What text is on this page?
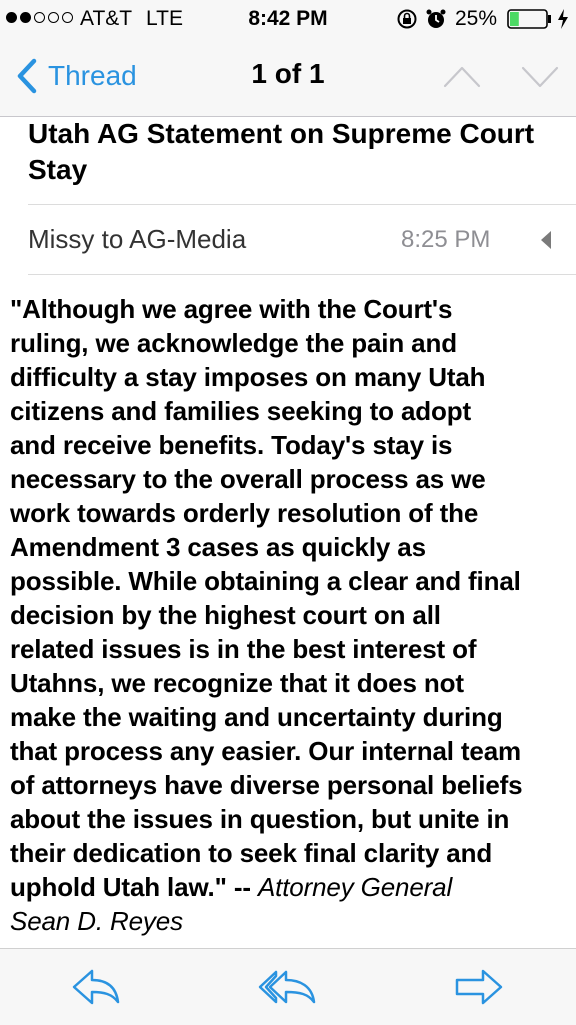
AT&T LTE	8:42 PM	25%
Thread	1 of 1
Utah AG Statement on Supreme Court Stay
Missy to AG-Media	8:25 PM
"Although we agree with the Court's
ruling, we acknowledge the pain and
difficulty a stay imposes on many Utah
citizens and families seeking to adopt
and receive benefits. Today's stay is
necessary to the overall process as we
work towards orderly resolution of the
Amendment 3 cases as quickly as
possible. While obtaining a clear and final
decision by the highest court on all
related issues is in the best interest of
Utahns, we recognize that it does not
make the waiting and uncertainty during
that process any easier. Our internal team
of attorneys have diverse personal beliefs
about the issues in question, but unite in
their dedication to seek final clarity and
uphold Utah law." -- Attorney General
Sean D. Reyes
